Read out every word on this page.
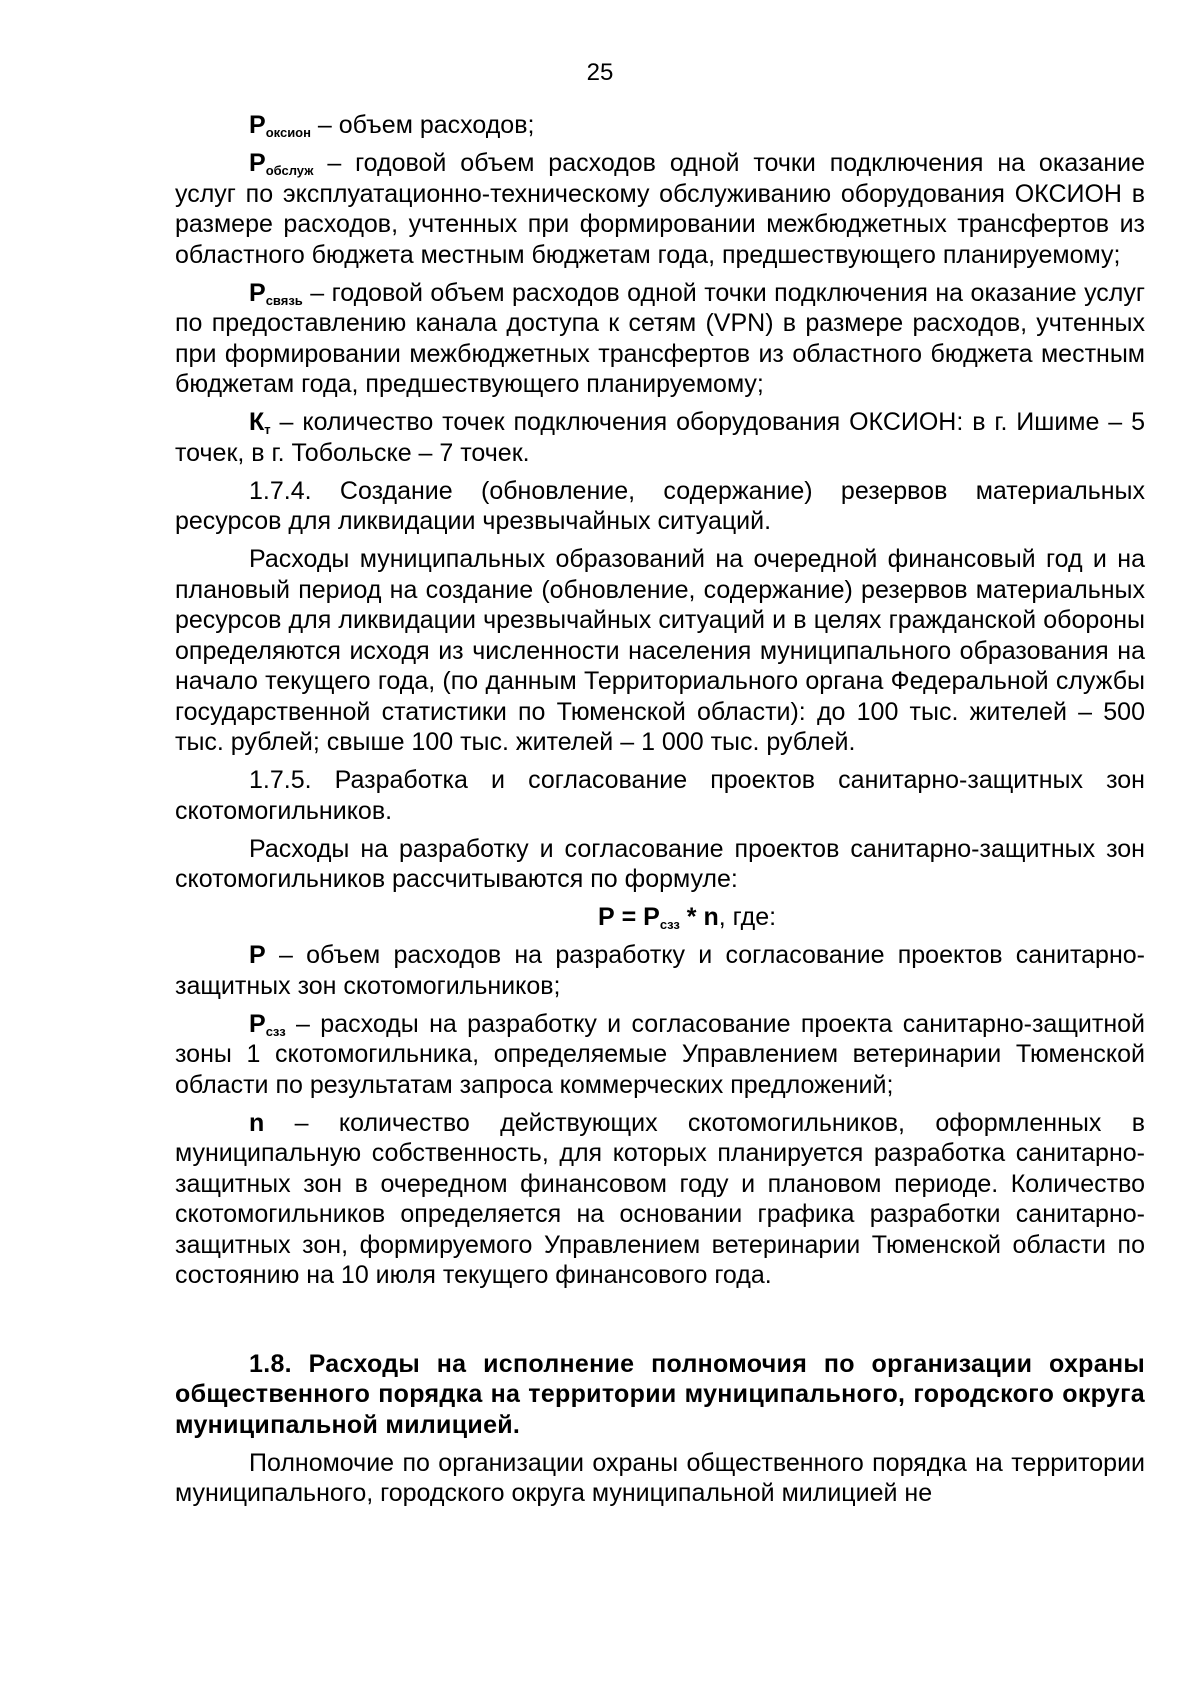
25

$Р_{оксион}$ – объем расходов;

$Р_{обслуж}$ – годовой объем расходов одной точки подключения на оказание услуг по эксплуатационно-техническому обслуживанию оборудования ОКСИОН в размере расходов, учтенных при формировании межбюджетных трансфертов из областного бюджета местным бюджетам года, предшествующего планируемому;

$Р_{связь}$ – годовой объем расходов одной точки подключения на оказание услуг по предоставлению канала доступа к сетям (VPN) в размере расходов, учтенных при формировании межбюджетных трансфертов из областного бюджета местным бюджетам года, предшествующего планируемому;

$К_т$ – количество точек подключения оборудования ОКСИОН: в г. Ишиме – 5 точек, в г. Тобольске – 7 точек.

1.7.4. Создание (обновление, содержание) резервов материальных ресурсов для ликвидации чрезвычайных ситуаций.

Расходы муниципальных образований на очередной финансовый год и на плановый период на создание (обновление, содержание) резервов материальных ресурсов для ликвидации чрезвычайных ситуаций и в целях гражданской обороны определяются исходя из численности населения муниципального образования на начало текущего года, (по данным Территориального органа Федеральной службы государственной статистики по Тюменской области): до 100 тыс. жителей – 500 тыс. рублей; свыше 100 тыс. жителей – 1 000 тыс. рублей.

1.7.5. Разработка и согласование проектов санитарно-защитных зон скотомогильников.

Расходы на разработку и согласование проектов санитарно-защитных зон скотомогильников рассчитываются по формуле:

$Р = Р_{сзз} * n$, где:

Р – объем расходов на разработку и согласование проектов санитарно-защитных зон скотомогильников;

$Р_{сзз}$ – расходы на разработку и согласование проекта санитарно-защитной зоны 1 скотомогильника, определяемые Управлением ветеринарии Тюменской области по результатам запроса коммерческих предложений;

n – количество действующих скотомогильников, оформленных в муниципальную собственность, для которых планируется разработка санитарно-защитных зон в очередном финансовом году и плановом периоде. Количество скотомогильников определяется на основании графика разработки санитарно-защитных зон, формируемого Управлением ветеринарии Тюменской области по состоянию на 10 июля текущего финансового года.

1.8. Расходы на исполнение полномочия по организации охраны общественного порядка на территории муниципального, городского округа муниципальной милицией.

Полномочие по организации охраны общественного порядка на территории муниципального, городского округа муниципальной милицией не
